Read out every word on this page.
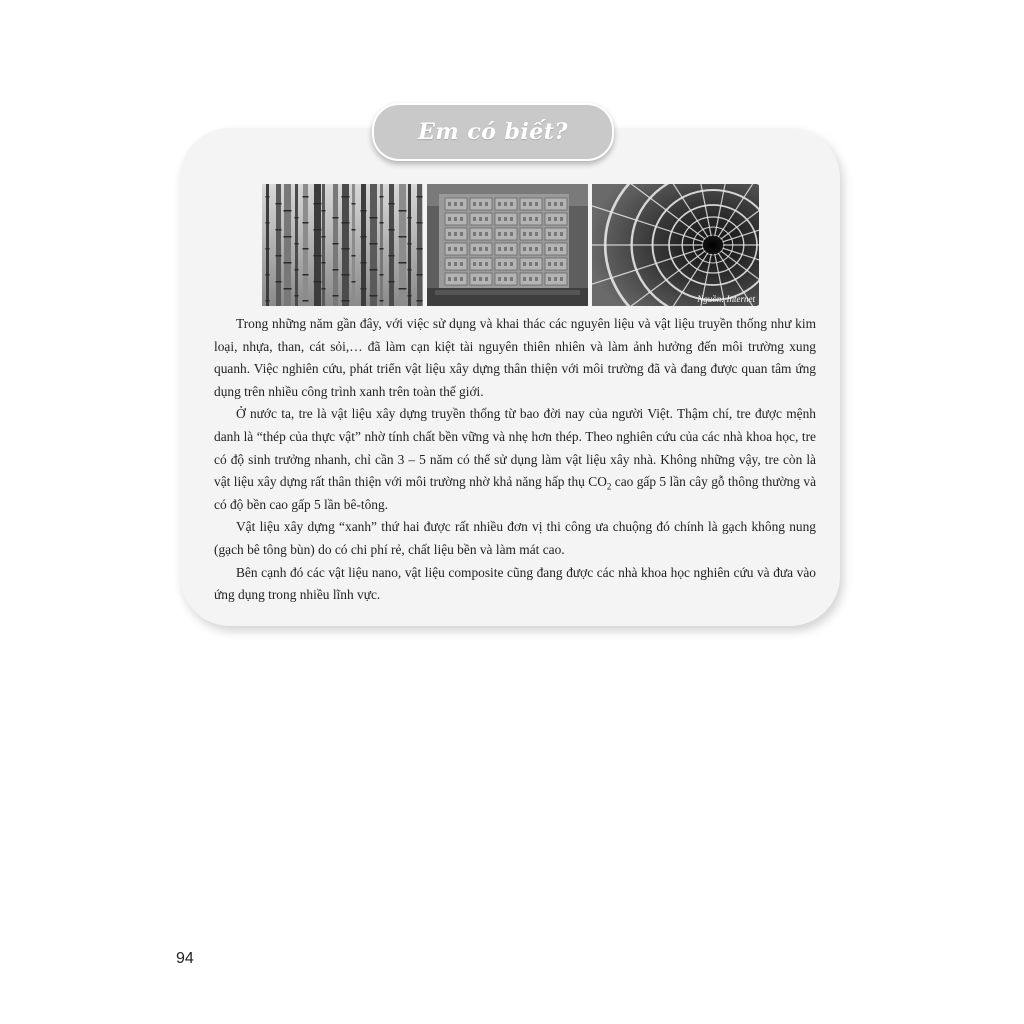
Em có biết?
Nguồn: Internet

Trong những năm gần đây, với việc sử dụng và khai thác các nguyên liệu và vật liệu truyền thống như kim loại, nhựa, than, cát sỏi,… đã làm cạn kiệt tài nguyên thiên nhiên và làm ảnh hưởng đến môi trường xung quanh. Việc nghiên cứu, phát triển vật liệu xây dựng thân thiện với môi trường đã và đang được quan tâm ứng dụng trên nhiều công trình xanh trên toàn thế giới.

Ở nước ta, tre là vật liệu xây dựng truyền thống từ bao đời nay của người Việt. Thậm chí, tre được mệnh danh là “thép của thực vật” nhờ tính chất bền vững và nhẹ hơn thép. Theo nghiên cứu của các nhà khoa học, tre có độ sinh trưởng nhanh, chỉ cần 3 – 5 năm có thể sử dụng làm vật liệu xây nhà. Không những vậy, tre còn là vật liệu xây dựng rất thân thiện với môi trường nhờ khả năng hấp thụ $CO_2$ cao gấp 5 lần cây gỗ thông thường và có độ bền cao gấp 5 lần bê-tông.

Vật liệu xây dựng “xanh” thứ hai được rất nhiều đơn vị thi công ưa chuộng đó chính là gạch không nung (gạch bê tông bùn) do có chi phí rẻ, chất liệu bền và làm mát cao.

Bên cạnh đó các vật liệu nano, vật liệu composite cũng đang được các nhà khoa học nghiên cứu và đưa vào ứng dụng trong nhiều lĩnh vực.

94
